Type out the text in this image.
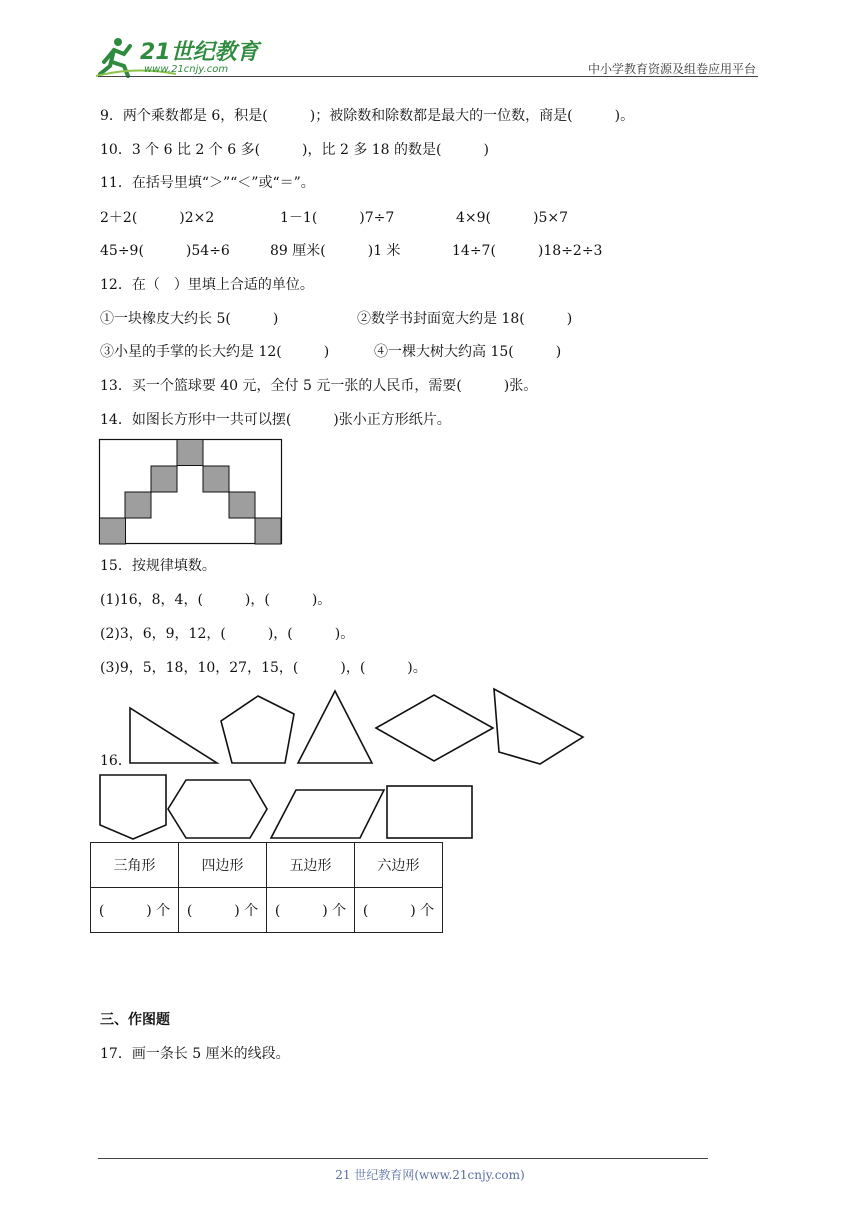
21世纪教育
www.21cnjy.com	中小学教育资源及组卷应用平台
9．两个乘数都是 6，积是(　　　)；被除数和除数都是最大的一位数，商是(　　　)。
10．3 个 6 比 2 个 6 多(　　　)，比 2 多 18 的数是(　　　)
11．在括号里填“＞”“＜”或“＝”。
2＋2(　　　)2×2	1－1(　　　)7÷7	4×9(　　　)5×7
45÷9(　　　)54÷6	89 厘米(　　　)1 米	14÷7(　　　)18÷2÷3
12．在（　）里填上合适的单位。
①一块橡皮大约长 5(　　　)	②数学书封面宽大约是 18(　　　)
③小星的手掌的长大约是 12(　　　)	④一棵大树大约高 15(　　　)
13．买一个篮球要 40 元，全付 5 元一张的人民币，需要(　　　)张。
14．如图长方形中一共可以摆(　　　)张小正方形纸片。
15．按规律填数。
(1)16，8，4，(　　　)，(　　　)。
(2)3，6，9，12，(　　　)，(　　　)。
(3)9，5，18，10，27，15，(　　　)，(　　　)。
16．
三角形	四边形	五边形	六边形
(　　　) 个	(　　　) 个	(　　　) 个	(　　　) 个
三、作图题
17．画一条长 5 厘米的线段。
21 世纪教育网(www.21cnjy.com)
